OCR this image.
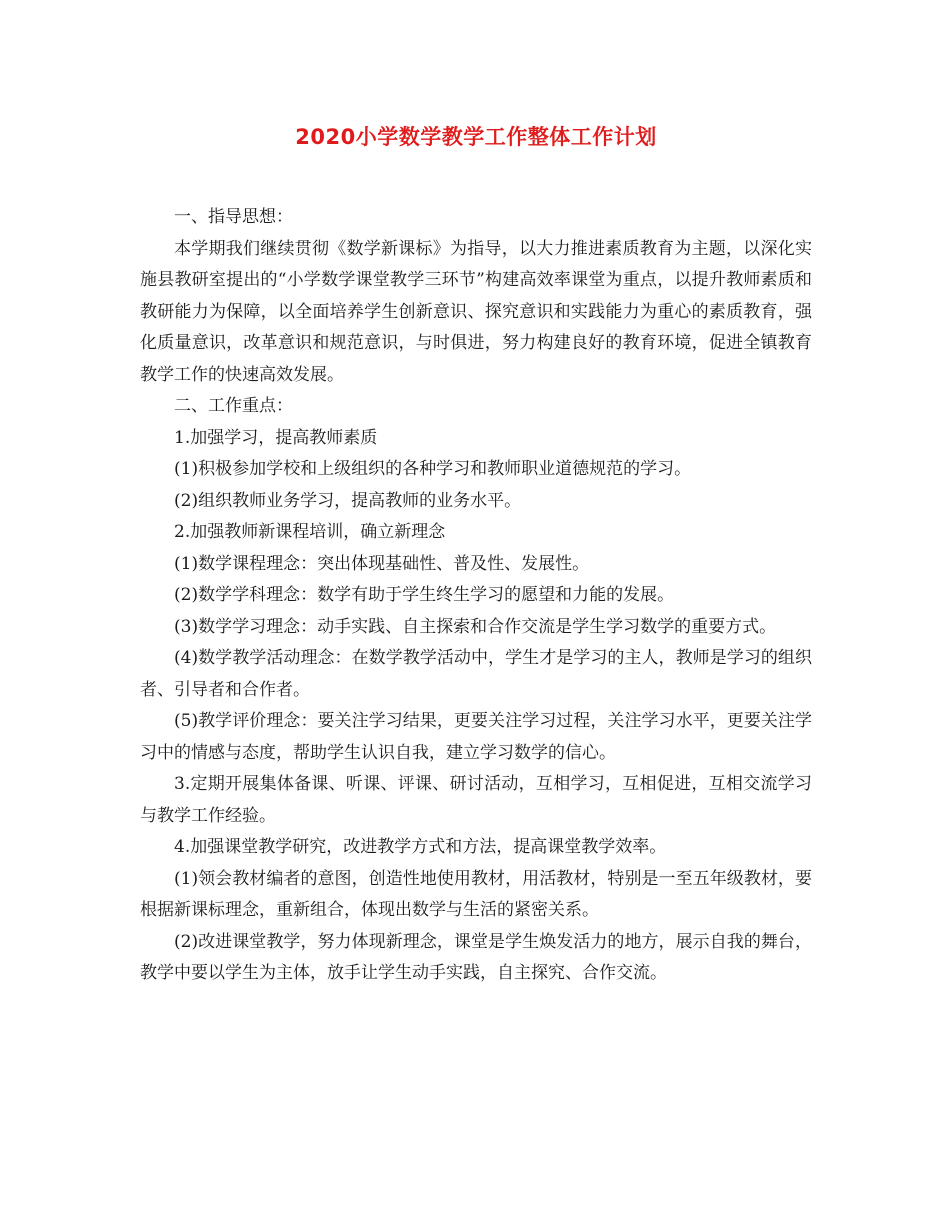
2020小学数学教学工作整体工作计划

一、指导思想：

本学期我们继续贯彻《数学新课标》为指导，以大力推进素质教育为主题，以深化实施县教研室提出的“小学数学课堂教学三环节”构建高效率课堂为重点，以提升教师素质和教研能力为保障，以全面培养学生创新意识、探究意识和实践能力为重心的素质教育，强化质量意识，改革意识和规范意识，与时俱进，努力构建良好的教育环境，促进全镇教育教学工作的快速高效发展。

二、工作重点：

1.加强学习，提高教师素质

(1)积极参加学校和上级组织的各种学习和教师职业道德规范的学习。

(2)组织教师业务学习，提高教师的业务水平。

2.加强教师新课程培训，确立新理念

(1)数学课程理念：突出体现基础性、普及性、发展性。

(2)数学学科理念：数学有助于学生终生学习的愿望和力能的发展。

(3)数学学习理念：动手实践、自主探索和合作交流是学生学习数学的重要方式。

(4)数学教学活动理念：在数学教学活动中，学生才是学习的主人，教师是学习的组织者、引导者和合作者。

(5)教学评价理念：要关注学习结果，更要关注学习过程，关注学习水平，更要关注学习中的情感与态度，帮助学生认识自我，建立学习数学的信心。

3.定期开展集体备课、听课、评课、研讨活动，互相学习，互相促进，互相交流学习与教学工作经验。

4.加强课堂教学研究，改进教学方式和方法，提高课堂教学效率。

(1)领会教材编者的意图，创造性地使用教材，用活教材，特别是一至五年级教材，要根据新课标理念，重新组合，体现出数学与生活的紧密关系。

(2)改进课堂教学，努力体现新理念，课堂是学生焕发活力的地方，展示自我的舞台，教学中要以学生为主体，放手让学生动手实践，自主探究、合作交流。
